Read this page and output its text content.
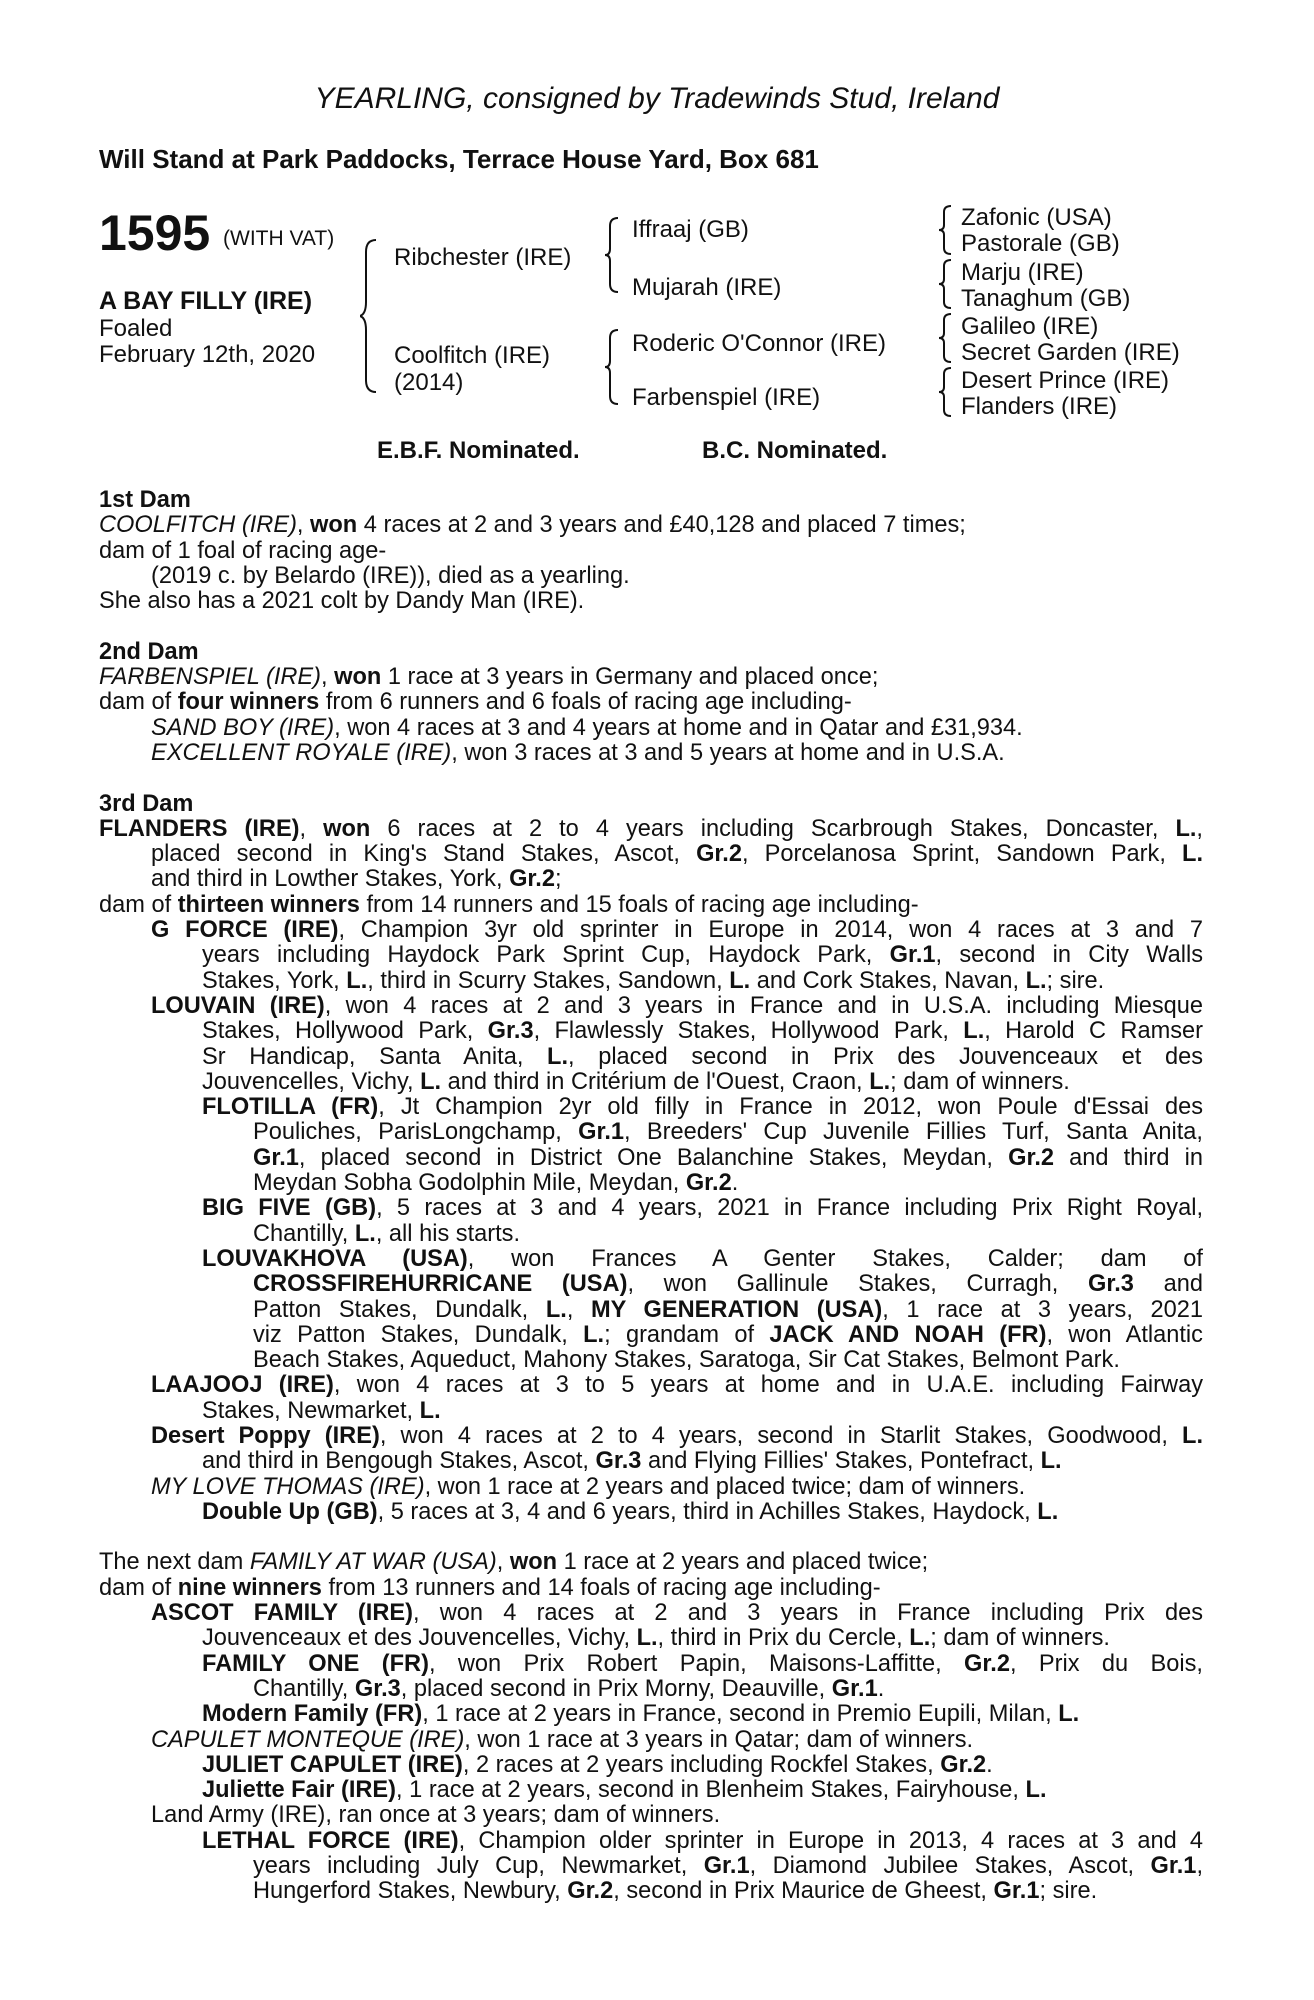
YEARLING, consigned by Tradewinds Stud, Ireland
Will Stand at Park Paddocks, Terrace House Yard, Box 681
1595 (WITH VAT)
A BAY FILLY (IRE)
Foaled
February 12th, 2020
Ribchester (IRE)
Coolfitch (IRE)
(2014)
Iffraaj (GB)
Mujarah (IRE)
Roderic O'Connor (IRE)
Farbenspiel (IRE)
Zafonic (USA)
Pastorale (GB)
Marju (IRE)
Tanaghum (GB)
Galileo (IRE)
Secret Garden (IRE)
Desert Prince (IRE)
Flanders (IRE)
E.B.F. Nominated.	B.C. Nominated.
1st Dam
COOLFITCH (IRE), won 4 races at 2 and 3 years and £40,128 and placed 7 times;
dam of 1 foal of racing age-
(2019 c. by Belardo (IRE)), died as a yearling.
She also has a 2021 colt by Dandy Man (IRE).
2nd Dam
FARBENSPIEL (IRE), won 1 race at 3 years in Germany and placed once;
dam of four winners from 6 runners and 6 foals of racing age including-
SAND BOY (IRE), won 4 races at 3 and 4 years at home and in Qatar and £31,934.
EXCELLENT ROYALE (IRE), won 3 races at 3 and 5 years at home and in U.S.A.
3rd Dam
FLANDERS (IRE), won 6 races at 2 to 4 years including Scarbrough Stakes, Doncaster, L.,
placed second in King's Stand Stakes, Ascot, Gr.2, Porcelanosa Sprint, Sandown Park, L.
and third in Lowther Stakes, York, Gr.2;
dam of thirteen winners from 14 runners and 15 foals of racing age including-
G FORCE (IRE), Champion 3yr old sprinter in Europe in 2014, won 4 races at 3 and 7
years including Haydock Park Sprint Cup, Haydock Park, Gr.1, second in City Walls
Stakes, York, L., third in Scurry Stakes, Sandown, L. and Cork Stakes, Navan, L.; sire.
LOUVAIN (IRE), won 4 races at 2 and 3 years in France and in U.S.A. including Miesque
Stakes, Hollywood Park, Gr.3, Flawlessly Stakes, Hollywood Park, L., Harold C Ramser
Sr Handicap, Santa Anita, L., placed second in Prix des Jouvenceaux et des
Jouvencelles, Vichy, L. and third in Critérium de l'Ouest, Craon, L.; dam of winners.
FLOTILLA (FR), Jt Champion 2yr old filly in France in 2012, won Poule d'Essai des
Pouliches, ParisLongchamp, Gr.1, Breeders' Cup Juvenile Fillies Turf, Santa Anita,
Gr.1, placed second in District One Balanchine Stakes, Meydan, Gr.2 and third in
Meydan Sobha Godolphin Mile, Meydan, Gr.2.
BIG FIVE (GB), 5 races at 3 and 4 years, 2021 in France including Prix Right Royal,
Chantilly, L., all his starts.
LOUVAKHOVA (USA), won Frances A Genter Stakes, Calder; dam of
CROSSFIREHURRICANE (USA), won Gallinule Stakes, Curragh, Gr.3 and
Patton Stakes, Dundalk, L., MY GENERATION (USA), 1 race at 3 years, 2021
viz Patton Stakes, Dundalk, L.; grandam of JACK AND NOAH (FR), won Atlantic
Beach Stakes, Aqueduct, Mahony Stakes, Saratoga, Sir Cat Stakes, Belmont Park.
LAAJOOJ (IRE), won 4 races at 3 to 5 years at home and in U.A.E. including Fairway
Stakes, Newmarket, L.
Desert Poppy (IRE), won 4 races at 2 to 4 years, second in Starlit Stakes, Goodwood, L.
and third in Bengough Stakes, Ascot, Gr.3 and Flying Fillies' Stakes, Pontefract, L.
MY LOVE THOMAS (IRE), won 1 race at 2 years and placed twice; dam of winners.
Double Up (GB), 5 races at 3, 4 and 6 years, third in Achilles Stakes, Haydock, L.
The next dam FAMILY AT WAR (USA), won 1 race at 2 years and placed twice;
dam of nine winners from 13 runners and 14 foals of racing age including-
ASCOT FAMILY (IRE), won 4 races at 2 and 3 years in France including Prix des
Jouvenceaux et des Jouvencelles, Vichy, L., third in Prix du Cercle, L.; dam of winners.
FAMILY ONE (FR), won Prix Robert Papin, Maisons-Laffitte, Gr.2, Prix du Bois,
Chantilly, Gr.3, placed second in Prix Morny, Deauville, Gr.1.
Modern Family (FR), 1 race at 2 years in France, second in Premio Eupili, Milan, L.
CAPULET MONTEQUE (IRE), won 1 race at 3 years in Qatar; dam of winners.
JULIET CAPULET (IRE), 2 races at 2 years including Rockfel Stakes, Gr.2.
Juliette Fair (IRE), 1 race at 2 years, second in Blenheim Stakes, Fairyhouse, L.
Land Army (IRE), ran once at 3 years; dam of winners.
LETHAL FORCE (IRE), Champion older sprinter in Europe in 2013, 4 races at 3 and 4
years including July Cup, Newmarket, Gr.1, Diamond Jubilee Stakes, Ascot, Gr.1,
Hungerford Stakes, Newbury, Gr.2, second in Prix Maurice de Gheest, Gr.1; sire.
